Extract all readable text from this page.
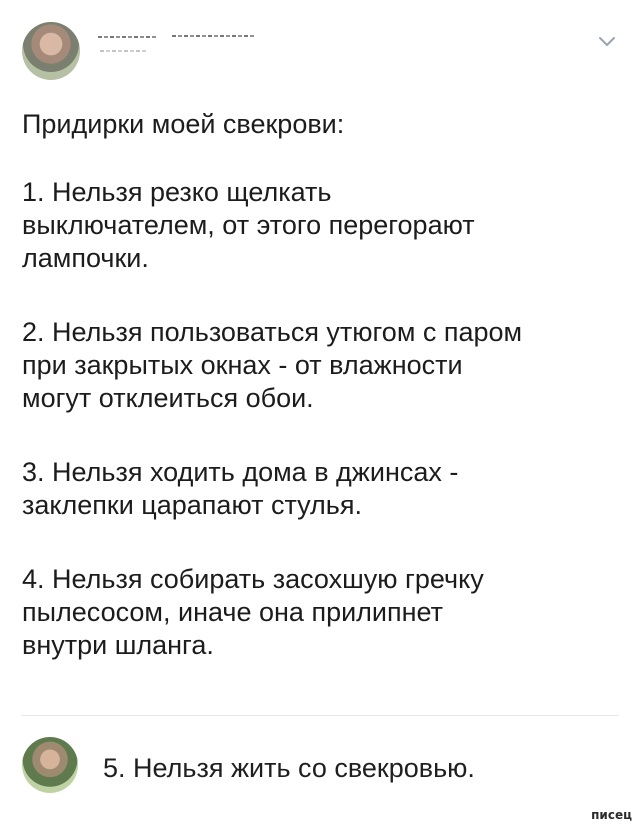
Придирки моей свекрови:

1. Нельзя резко щелкать
выключателем, от этого перегорают
лампочки.

2. Нельзя пользоваться утюгом с паром
при закрытых окнах - от влажности
могут отклеиться обои.

3. Нельзя ходить дома в джинсах -
заклепки царапают стулья.

4. Нельзя собирать засохшую гречку
пылесосом, иначе она прилипнет
внутри шланга.

5. Нельзя жить со свекровью.
писец
